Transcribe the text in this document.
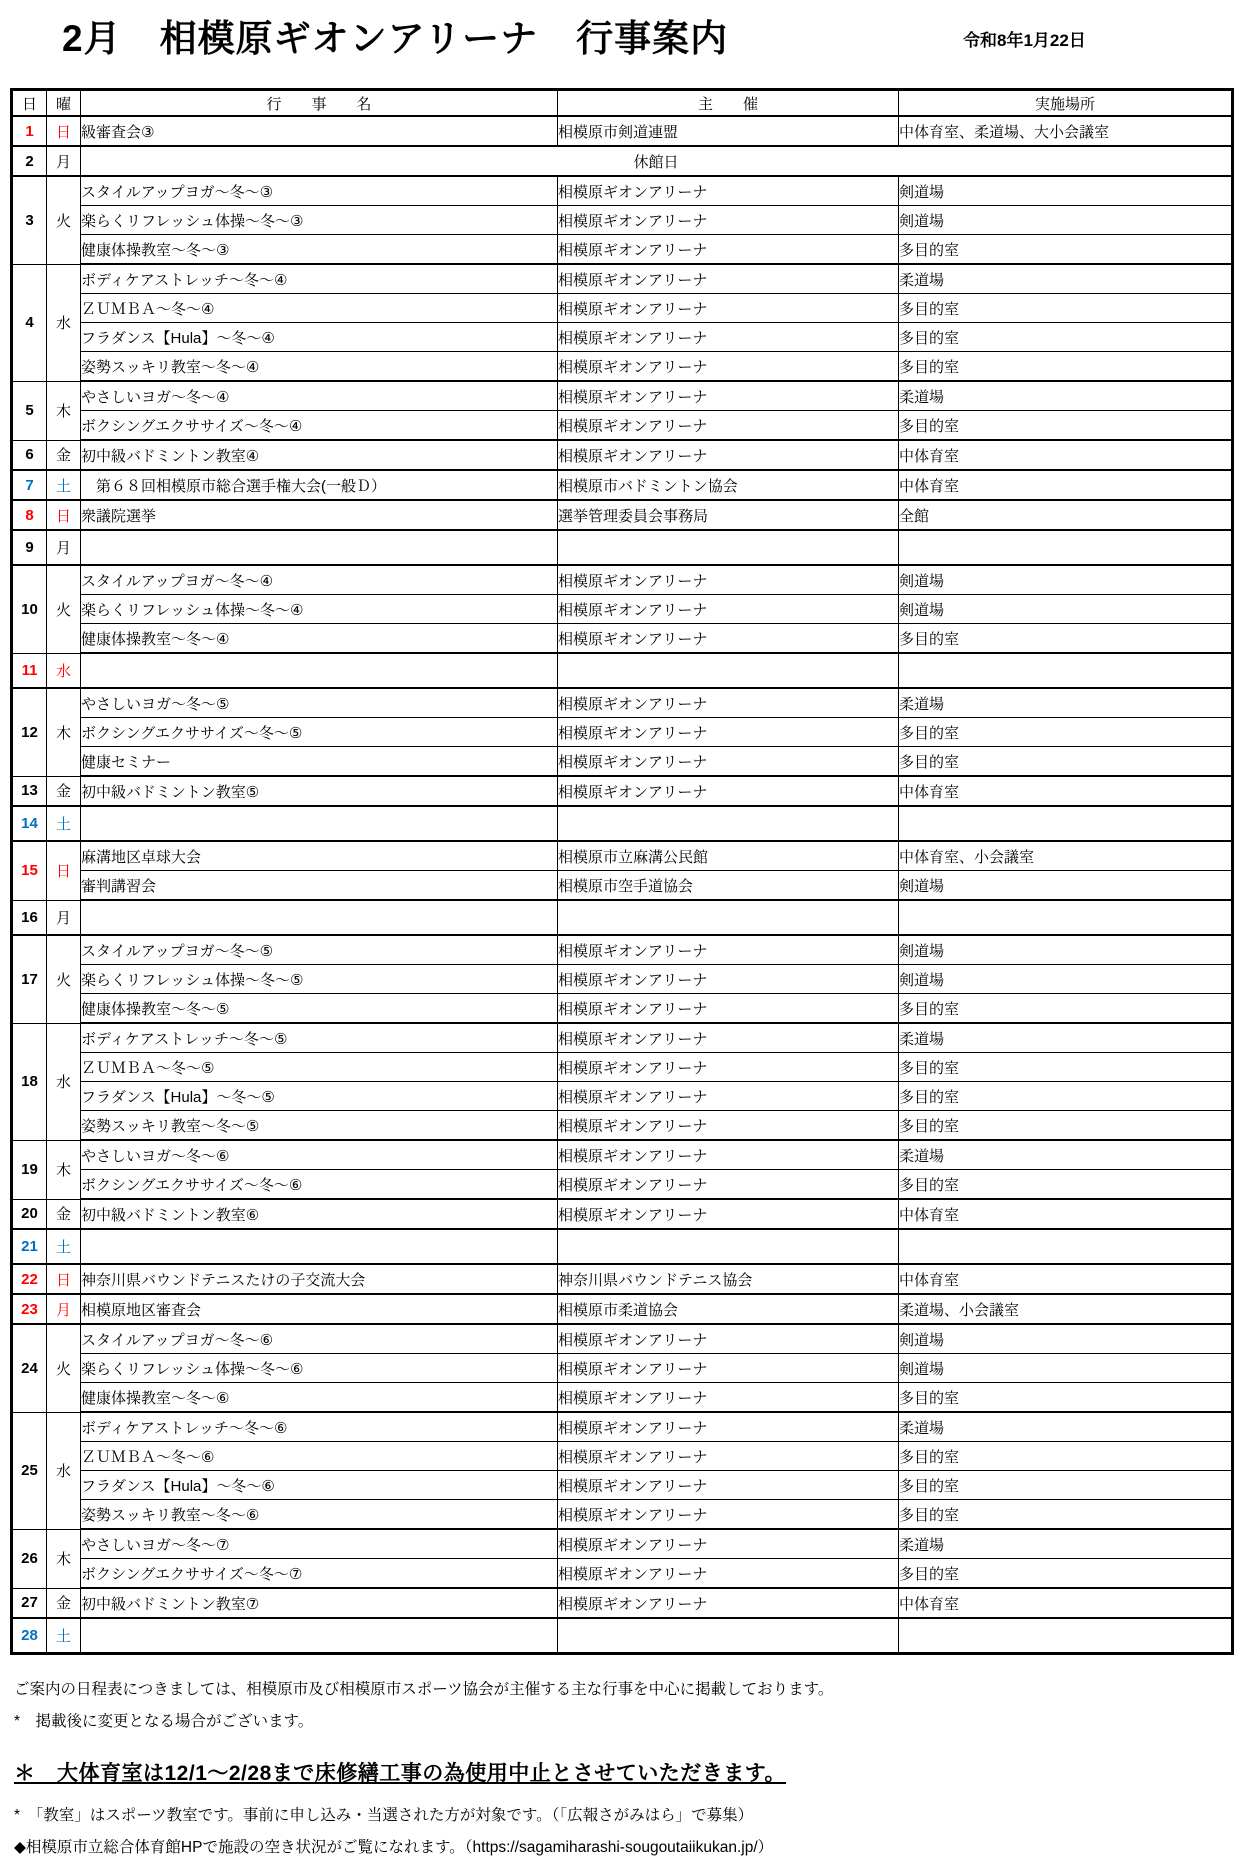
2月　相模原ギオンアリーナ　行事案内	令和8年1月22日
日	曜	行　　事　　名	主　　催	実施場所
1	日	級審査会③	相模原市剣道連盟	中体育室、柔道場、大小会議室
2	月	休館日		
3	火	スタイルアップヨガ～冬～③	相模原ギオンアリーナ	剣道場
		楽らくリフレッシュ体操～冬～③	相模原ギオンアリーナ	剣道場
		健康体操教室～冬～③	相模原ギオンアリーナ	多目的室
4	水	ボディケアストレッチ～冬～④	相模原ギオンアリーナ	柔道場
		ＺＵＭＢＡ～冬～④	相模原ギオンアリーナ	多目的室
		フラダンス【Hula】～冬～④	相模原ギオンアリーナ	多目的室
		姿勢スッキリ教室～冬～④	相模原ギオンアリーナ	多目的室
5	木	やさしいヨガ～冬～④	相模原ギオンアリーナ	柔道場
		ボクシングエクササイズ～冬～④	相模原ギオンアリーナ	多目的室
6	金	初中級バドミントン教室④	相模原ギオンアリーナ	中体育室
7	土	　第６８回相模原市総合選手権大会(一般Ｄ）	相模原市バドミントン協会	中体育室
8	日	衆議院選挙	選挙管理委員会事務局	全館
9	月			
10	火	スタイルアップヨガ～冬～④	相模原ギオンアリーナ	剣道場
		楽らくリフレッシュ体操～冬～④	相模原ギオンアリーナ	剣道場
		健康体操教室～冬～④	相模原ギオンアリーナ	多目的室
11	水			
12	木	やさしいヨガ～冬～⑤	相模原ギオンアリーナ	柔道場
		ボクシングエクササイズ～冬～⑤	相模原ギオンアリーナ	多目的室
		健康セミナー	相模原ギオンアリーナ	多目的室
13	金	初中級バドミントン教室⑤	相模原ギオンアリーナ	中体育室
14	土			
15	日	麻溝地区卓球大会	相模原市立麻溝公民館	中体育室、小会議室
		審判講習会	相模原市空手道協会	剣道場
16	月			
17	火	スタイルアップヨガ～冬～⑤	相模原ギオンアリーナ	剣道場
		楽らくリフレッシュ体操～冬～⑤	相模原ギオンアリーナ	剣道場
		健康体操教室～冬～⑤	相模原ギオンアリーナ	多目的室
18	水	ボディケアストレッチ～冬～⑤	相模原ギオンアリーナ	柔道場
		ＺＵＭＢＡ～冬～⑤	相模原ギオンアリーナ	多目的室
		フラダンス【Hula】～冬～⑤	相模原ギオンアリーナ	多目的室
		姿勢スッキリ教室～冬～⑤	相模原ギオンアリーナ	多目的室
19	木	やさしいヨガ～冬～⑥	相模原ギオンアリーナ	柔道場
		ボクシングエクササイズ～冬～⑥	相模原ギオンアリーナ	多目的室
20	金	初中級バドミントン教室⑥	相模原ギオンアリーナ	中体育室
21	土			
22	日	神奈川県バウンドテニスたけの子交流大会	神奈川県バウンドテニス協会	中体育室
23	月	相模原地区審査会	相模原市柔道協会	柔道場、小会議室
24	火	スタイルアップヨガ～冬～⑥	相模原ギオンアリーナ	剣道場
		楽らくリフレッシュ体操～冬～⑥	相模原ギオンアリーナ	剣道場
		健康体操教室～冬～⑥	相模原ギオンアリーナ	多目的室
25	水	ボディケアストレッチ～冬～⑥	相模原ギオンアリーナ	柔道場
		ＺＵＭＢＡ～冬～⑥	相模原ギオンアリーナ	多目的室
		フラダンス【Hula】～冬～⑥	相模原ギオンアリーナ	多目的室
		姿勢スッキリ教室～冬～⑥	相模原ギオンアリーナ	多目的室
26	木	やさしいヨガ～冬～⑦	相模原ギオンアリーナ	柔道場
		ボクシングエクササイズ～冬～⑦	相模原ギオンアリーナ	多目的室
27	金	初中級バドミントン教室⑦	相模原ギオンアリーナ	中体育室
28	土			

ご案内の日程表につきましては、相模原市及び相模原市スポーツ協会が主催する主な行事を中心に掲載しております。

*　掲載後に変更となる場合がございます。

＊　大体育室は12/1～2/28まで床修繕工事の為使用中止とさせていただきます。

*　「教室」はスポーツ教室です。事前に申し込み・当選された方が対象です。（「広報さがみはら」で募集）

◆相模原市立総合体育館HPで施設の空き状況がご覧になれます。（https://sagamiharashi-sougoutaiikukan.jp/）
